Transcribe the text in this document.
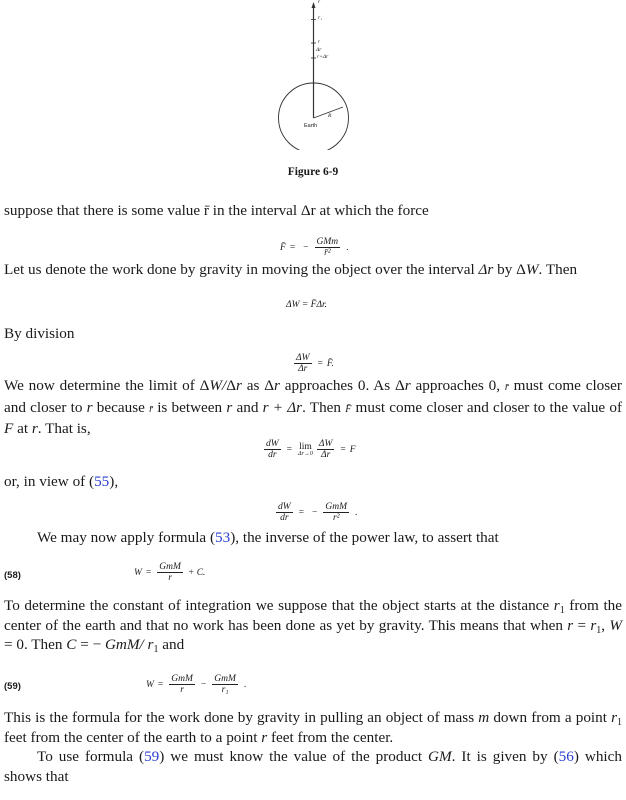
r
r₁
r
Δr
r+Δr
R
Earth
Figure 6-9
suppose that there is some value r̄ in the interval Δr at which the force
F̄ = − $\frac{\text{GMm}}{\text{r̄²}}$ .
Let us denote the work done by gravity in moving the object over the interval Δr by ΔW. Then
ΔW = F̄Δr.
By division
$\frac{\Delta W}{\Delta r}$ = F̄.
We now determine the limit of ΔW/Δr as Δr approaches 0. As Δr approaches 0, r̄ must come closer and closer to r because r̄ is between r and r + Δr. Then F̄ must come closer and closer to the value of F at r. That is,
$\frac{dW}{dr} = \lim$
$\Delta r\to 0 \frac{\Delta W}{\Delta r} = F$
or, in view of (55),
$\frac{dW}{dr}$ = − $\frac{\text{GmM}}{\text{r²}}$ .
We may now apply formula (53), the inverse of the power law, to assert that
(58)	$W = \frac{\text{GmM}}{r} + C$.
To determine the constant of integration we suppose that the object starts at the distance $r_1$ from the center of the earth and that no work has been done as yet by gravity. This means that when $r = r_1$, W = 0. Then C = − GmM/ $r_1$ and
(59)	$W = \frac{\text{GmM}}{r} - \frac{\text{GmM}}{\text{r₁}}$ .
This is the formula for the work done by gravity in pulling an object of mass m down from a point $r_1$ feet from the center of the earth to a point r feet from the center.
To use formula (59) we must know the value of the product GM. It is given by (56) which shows that
